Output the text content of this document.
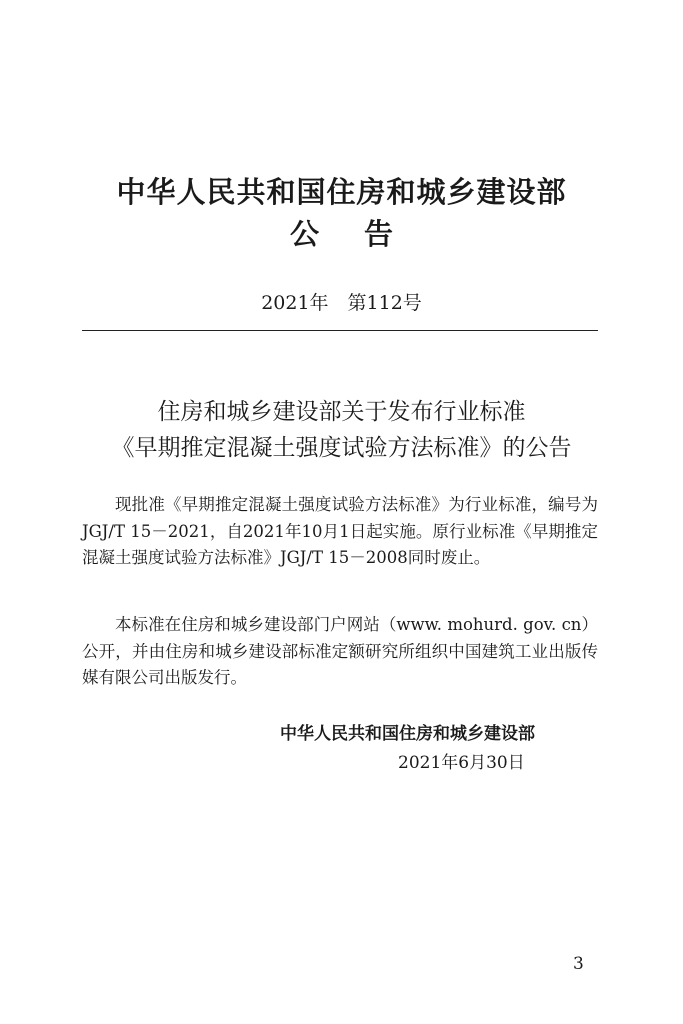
中华人民共和国住房和城乡建设部
公告
2021年　第112号
住房和城乡建设部关于发布行业标准
《早期推定混凝土强度试验方法标准》的公告
现批准《早期推定混凝土强度试验方法标准》为行业标准，编号为JGJ/T 15－2021，自2021年10月1日起实施。原行业标准《早期推定混凝土强度试验方法标准》JGJ/T 15－2008同时废止。
本标准在住房和城乡建设部门户网站（www. mohurd. gov. cn）公开，并由住房和城乡建设部标准定额研究所组织中国建筑工业出版传媒有限公司出版发行。
中华人民共和国住房和城乡建设部
2021年6月30日
3
